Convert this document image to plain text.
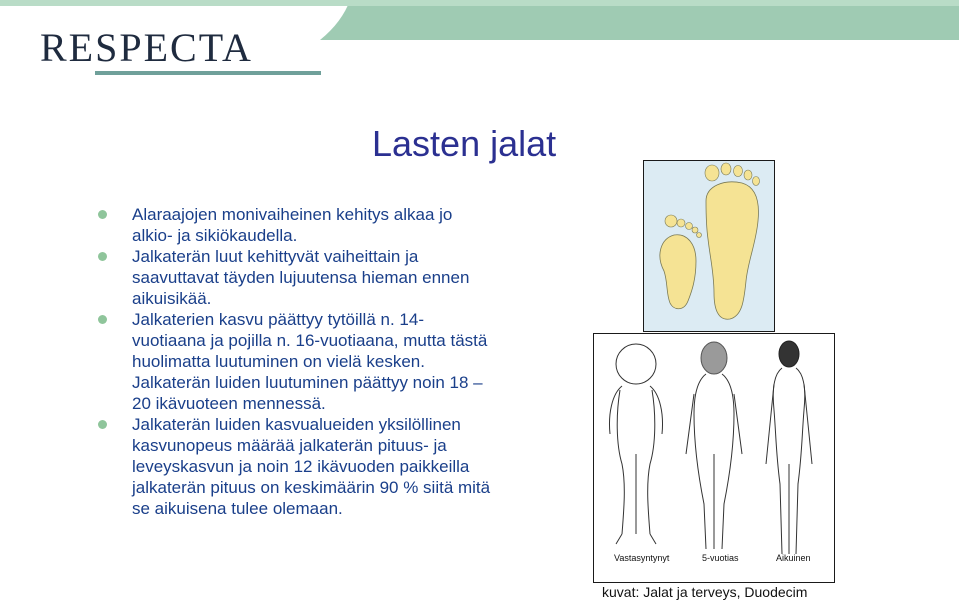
RESPECTA
Lasten jalat
Alaraajojen monivaiheinen kehitys alkaa jo alkio- ja sikiökaudella.
Jalkaterän luut kehittyvät vaiheittain ja saavuttavat täyden lujuutensa hieman ennen aikuisikää.
Jalkaterien kasvu päättyy tytöillä n. 14-vuotiaana ja pojilla n. 16-vuotiaana, mutta tästä huolimatta luutuminen on vielä kesken. Jalkaterän luiden luutuminen päättyy noin 18 – 20 ikävuoteen mennessä.
Jalkaterän luiden kasvualueiden yksilöllinen kasvunopeus määrää jalkaterän pituus- ja leveyskasvun ja noin 12 ikävuoden paikkeilla jalkaterän pituus on keskimäärin 90 % siitä mitä se aikuisena tulee olemaan.
Vastasyntynyt	5-vuotias	Aikuinen
kuvat: Jalat ja terveys, Duodecim
